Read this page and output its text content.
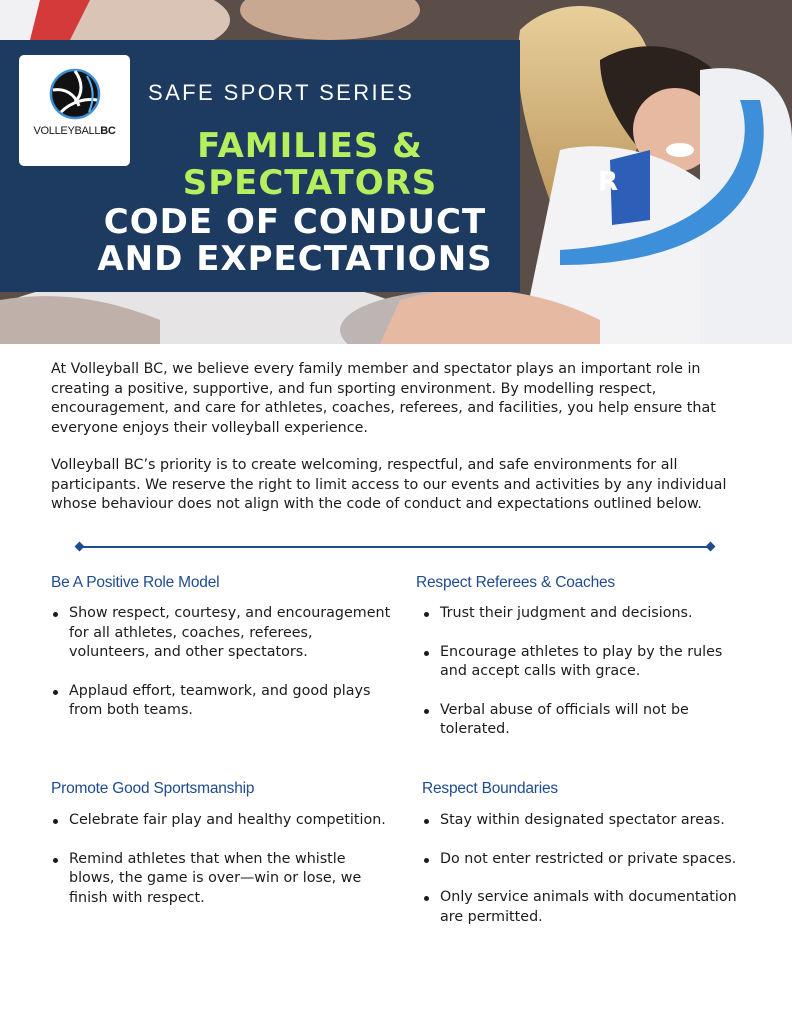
R
VOLLEYBALLBC
SAFE SPORT SERIES
FAMILIES &
SPECTATORS
CODE OF CONDUCT
AND EXPECTATIONS

At Volleyball BC, we believe every family member and spectator plays an important role in creating a positive, supportive, and fun sporting environment. By modelling respect, encouragement, and care for athletes, coaches, referees, and facilities, you help ensure that everyone enjoys their volleyball experience.

Volleyball BC’s priority is to create welcoming, respectful, and safe environments for all participants. We reserve the right to limit access to our events and activities by any individual whose behaviour does not align with the code of conduct and expectations outlined below.

Be A Positive Role Model
Show respect, courtesy, and encouragement for all athletes, coaches, referees, volunteers, and other spectators.
Applaud effort, teamwork, and good plays from both teams.
Respect Referees & Coaches
Trust their judgment and decisions.
Encourage athletes to play by the rules and accept calls with grace.
Verbal abuse of officials will not be tolerated.
Promote Good Sportsmanship
Celebrate fair play and healthy competition.
Remind athletes that when the whistle blows, the game is over—win or lose, we finish with respect.
Respect Boundaries
Stay within designated spectator areas.
Do not enter restricted or private spaces.
Only service animals with documentation are permitted.
